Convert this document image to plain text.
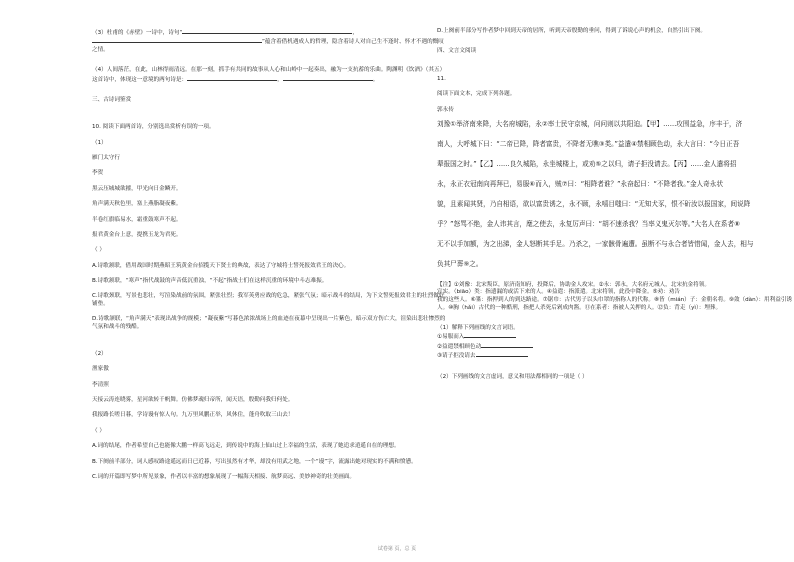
（3）杜甫的《赤壁》一诗中，诗句“	，”蕴含着借机遇成人的哲理，隐含着诗人对自己生不逢时、怀才不遇的慨叹之情。

（4）人间落茫，在此，山林得雨清远。在那一刻，抓手有共同的故事从人心和山岭中一起奏出，融为一支抗蓄的乐曲。陶渊明《饮酒》（其五）这首诗中，体现这一意境的两句诗是：	，	。

三、古诗词鉴赏

10. 阅读下面两首诗，分别选出赏析有误的一项。

（1）

雁门太守行

李贺

黑云压城城欲摧，甲光向日金鳞开。

角声满天秋色里，塞上燕脂凝夜紫。

半卷红旗临易水，霜重鼓寒声不起。

报君黄金台上意，提携玉龙为君死。

（ ）

A.诗歌颔联，借用战国时期燕昭王筑黄金台招揽天下贤士的典故，表达了守城将士誓死报效君王的决心。

B.诗歌颔联，“寒声”指代战鼓的声音低沉重浊，“不起”指战士们在这样沉重的环境中斗志难振。

C.诗歌颈联，写景也悲壮，写渲染战前的氛围，紧张壮烈；我军英勇应战的危急，紧张气氛；暗示战斗的结局，为下文誓死报效君主的壮烈做好铺垫。

D.诗歌颔联，“角声满天”表现出战争的规模；“凝夜紫”写暮色浓浓战场上的血迹在夜幕中呈现出一片紫色，暗示双方伤亡大，渲染出悲壮惨烈的气氛和战斗的残酷。

（2）

渔家傲

李清照

天接云涛连晓雾，星河欲转千帆舞。仿佛梦魂归帝所，闻天语，殷勤问我归何处。

我报路长嗟日暮，学诗谩有惊人句。九万里风鹏正举，风休住，蓬舟吹取三山去！

（ ）

A.词的结尾，作者希望自己也能像大鹏一样高飞远走，到传说中的海上仙山过上幸福的生活，表现了她追求逍遥自在的理想。

B.下阕前半部分，词人感叹路途遥远而日已近暮，写出虽然有才华，却没有用武之地，一个“谩”字，流露出她对现实的不满和愤懑。

C.词的开篇即写梦中所见景象，作者以丰富的想象展现了一幅海天相接、航梦高远、美妙神奇的壮美画面。

D.上阕前半部分写作者梦中回到天帝的居所，听到天帝殷勤的垂问，得到了诉说心声的机会，自然引出下阕。

四、文言文阅读

11.

阅读下面文本，完成下列各题。

郭永传

刘豫①举济南来降，大名府城陷，永②率士民守京城，问问则以共阳迫。【甲】……攻围益急，序丰于，济

南人，大呼城下曰：“二帝已降，降者富贵，不降者无噍③类。”益遣④禁相顾色动，永大言曰：“今日正吾

辈报国之时。”【乙】……良久城陷，永坐城楼上，或劝⑤之以归，请子拒没请去。【丙】……金人遣将招

永，永正衣冠南向再拜已，易服⑥而入，贼⑦曰：“相降者谁？”永奋起曰：“不降者我。”金人奇永状

貌，且素闻其贤，乃自相语，欲以富贵诱之，永不顾，永嘻目嗤曰：“无知犬豕，恨不斫汝以报国家，间说降

乎？”怒骂不绝，金人讳其言，麾之使去，永复厉声曰：“胡不速杀我？当率义鬼灭尔等。”大名人在系者⑧

无不以手加额，为之出涕，金人怒断其手足。乃杀之，一家骸骨遍遭。虽断不与永合者皆惜闻，金人去，相与

负其尸葬⑨之。

【注】①刘豫：北宋叛臣，原济南知府，投降后，协助金人攻宋。②永：郭永，大名府元城人，北宋抗金将领。

宣实。（biāo）类：指遗漏的或活下来的人。④益遣：指派遣。北宋将领，此役中降金。⑤劝：劝告

我的这些人。⑥箠：指押到人的到达路途。⑦锯巾：古代男子以头巾罩的指称人的代称。⑧皆（mián）子：金朝名将。⑨敛（dàn）：用利益引诱人。⑩胸（hǎi）古代的一种酷刑，指把人杀死后剁成肉酱。⑪在系者：指被人关押的人。⑫负：背走（yì）：埋葬。

（1）解释下列画线的文言词语。

①易服而入

②益遣禁相顾色动

③请子拒没请去

（2）下列画线的文言虚词，意义和用法都相同的一项是（ ）

试卷第 页，总 页
